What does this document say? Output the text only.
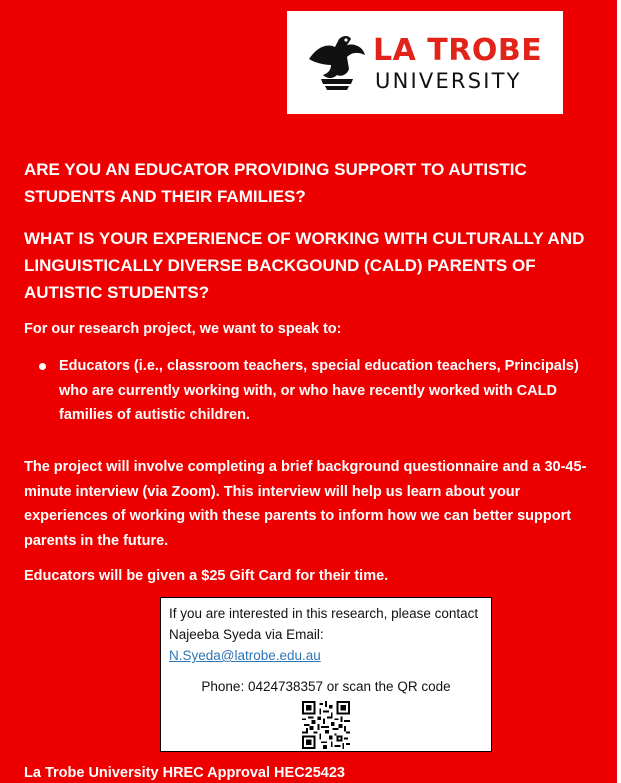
LA TROBE
UNIVERSITY
ARE YOU AN EDUCATOR PROVIDING SUPPORT TO AUTISTIC STUDENTS AND THEIR FAMILIES?
WHAT IS YOUR EXPERIENCE OF WORKING WITH CULTURALLY AND LINGUISTICALLY DIVERSE BACKGOUND (CALD) PARENTS OF AUTISTIC STUDENTS?
For our research project, we want to speak to:
Educators (i.e., classroom teachers, special education teachers, Principals) who are currently working with, or who have recently worked with CALD families of autistic children.
The project will involve completing a brief background questionnaire and a 30-45-minute interview (via Zoom). This interview will help us learn about your experiences of working with these parents to inform how we can better support parents in the future.
Educators will be given a $25 Gift Card for their time.
If you are interested in this research, please contact Najeeba Syeda via Email:
N.Syeda@latrobe.edu.au
Phone: 0424738357 or scan the QR code
La Trobe University HREC Approval HEC25423
